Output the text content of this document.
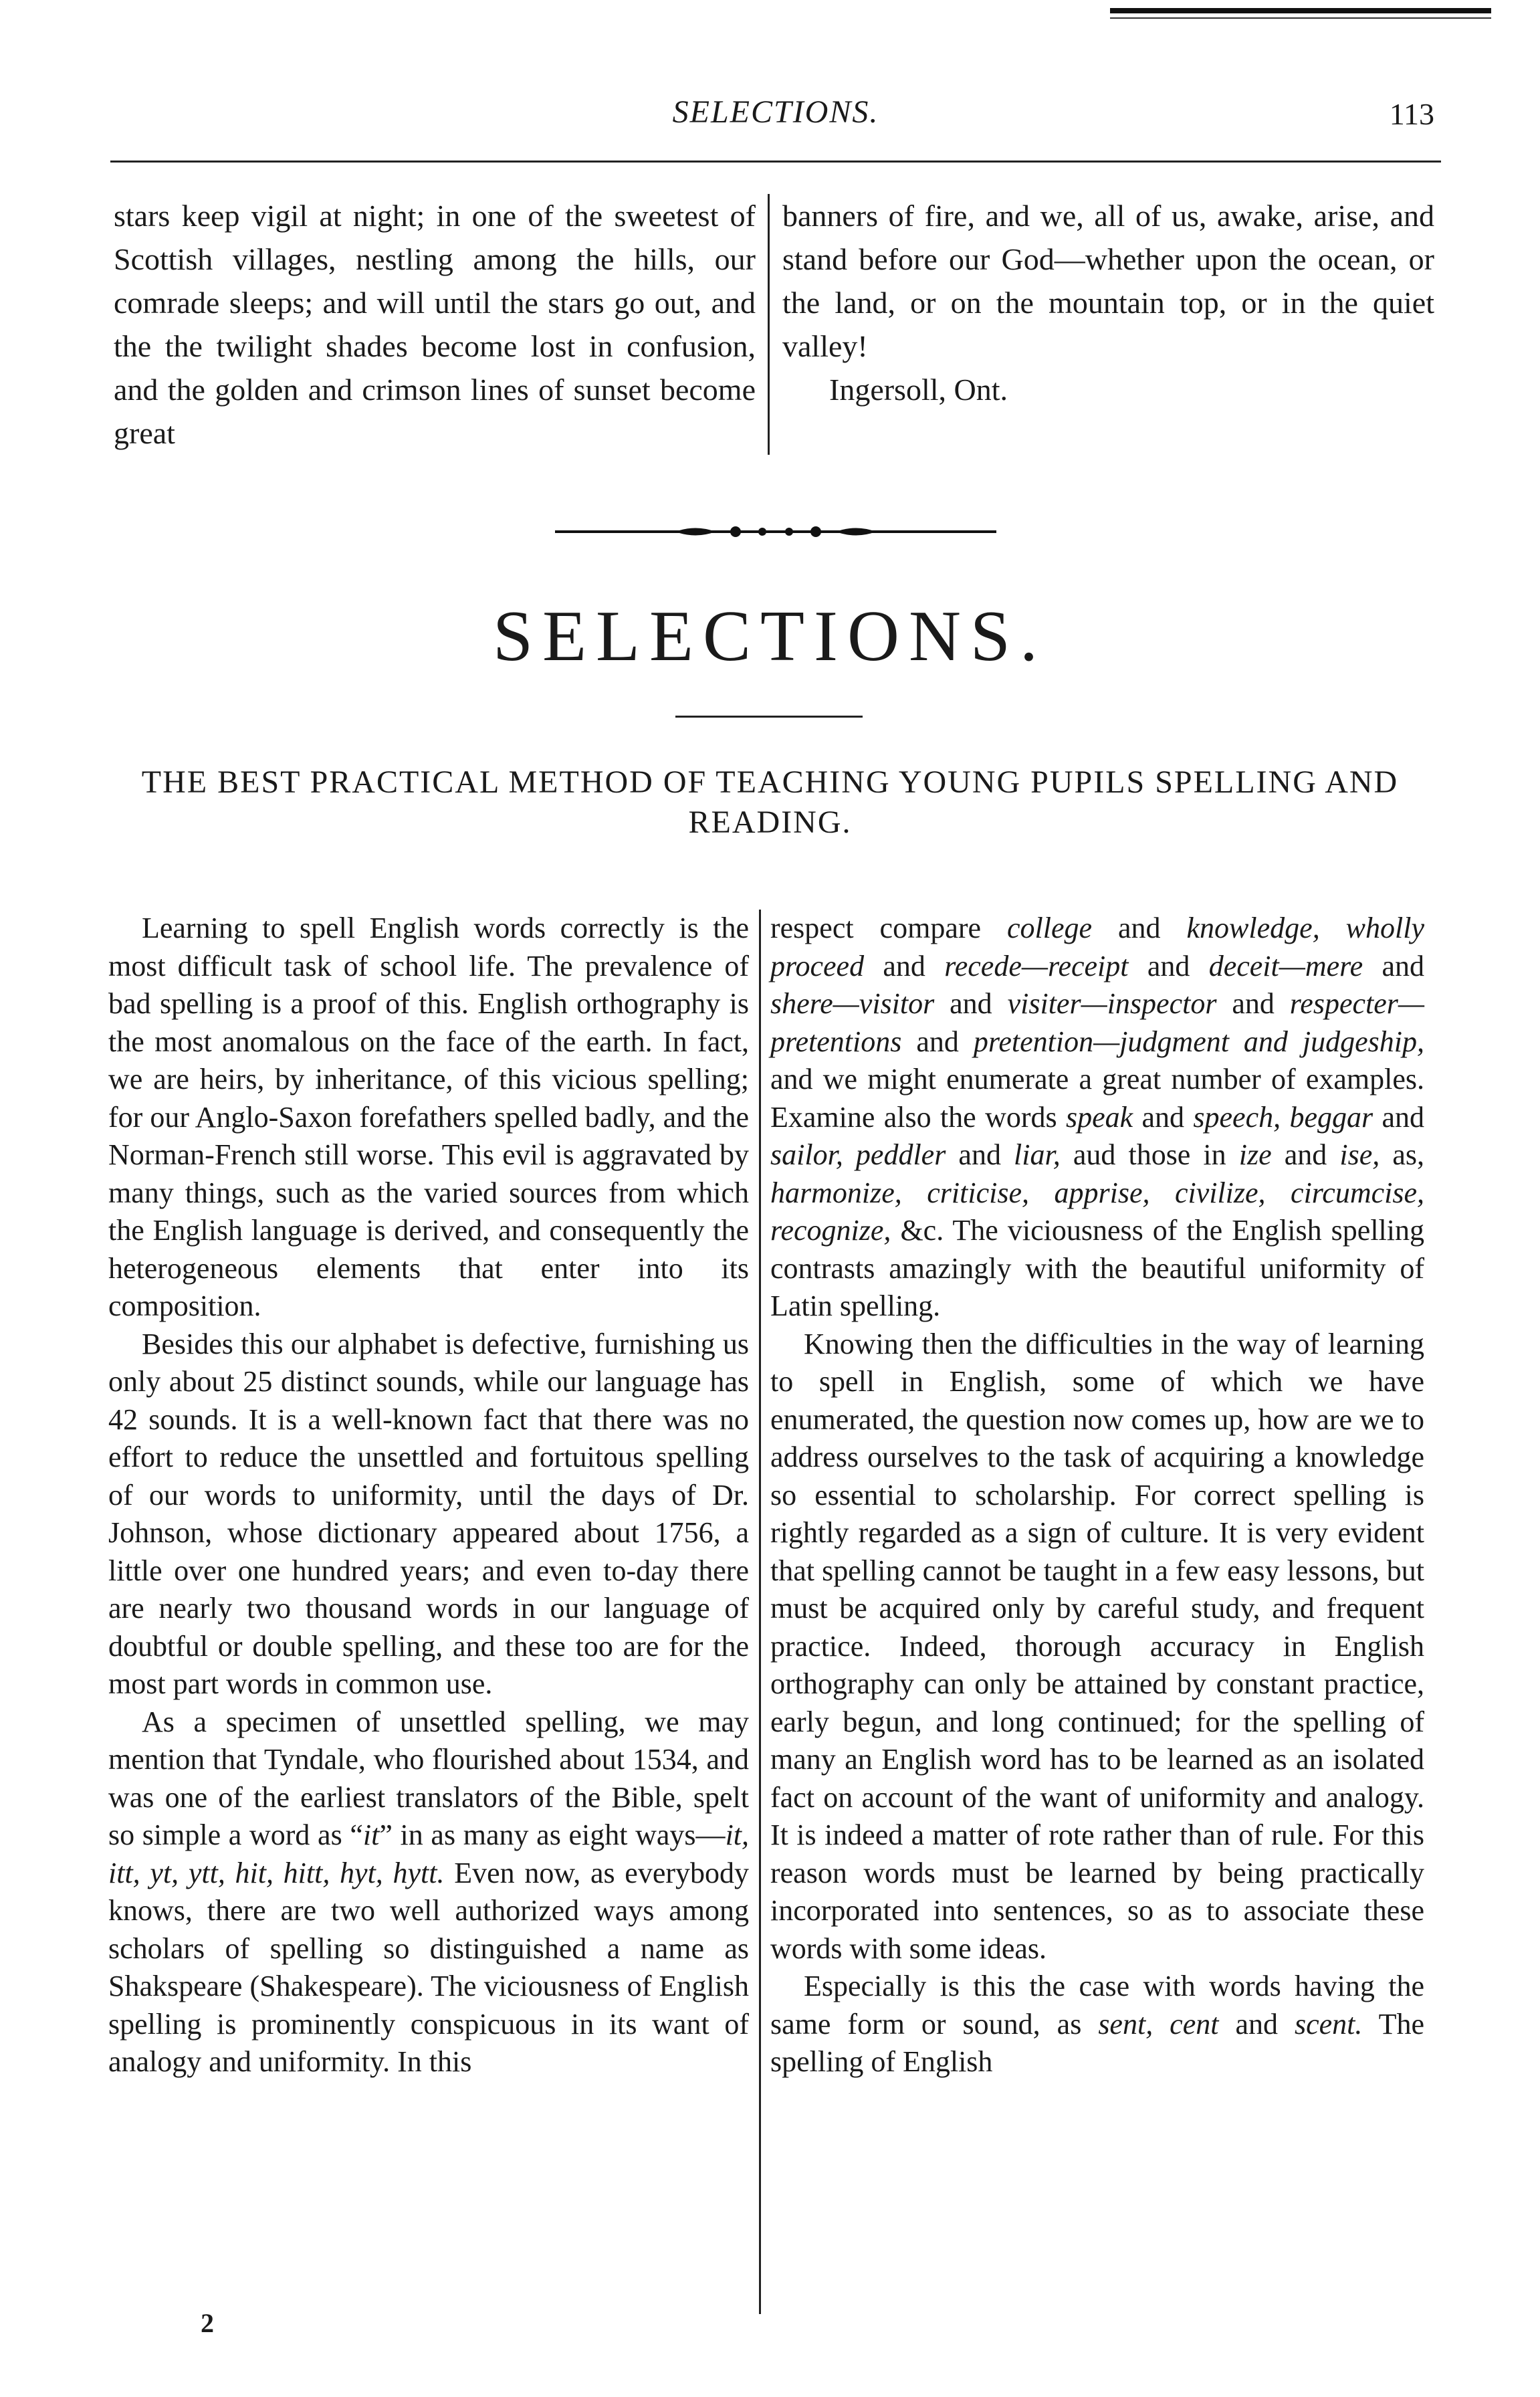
SELECTIONS.	113

stars keep vigil at night; in one of the sweetest of Scottish villages, nestling among the hills, our comrade sleeps; and will until the stars go out, and the the twilight shades become lost in confusion, and the golden and crimson lines of sunset become great

banners of fire, and we, all of us, awake, arise, and stand before our God—whether upon the ocean, or the land, or on the mountain top, or in the quiet valley!

Ingersoll, Ont.

SELECTIONS.
THE BEST PRACTICAL METHOD OF TEACHING YOUNG PUPILS SPELLING AND READING.

Learning to spell English words correctly is the most difficult task of school life. The prevalence of bad spelling is a proof of this. English orthography is the most anomalous on the face of the earth. In fact, we are heirs, by inheritance, of this vicious spelling; for our Anglo-Saxon forefathers spelled badly, and the Norman-French still worse. This evil is aggravated by many things, such as the varied sources from which the English language is derived, and consequently the heterogeneous elements that enter into its composition.

Besides this our alphabet is defective, furnishing us only about 25 distinct sounds, while our language has 42 sounds. It is a well-known fact that there was no effort to reduce the unsettled and fortuitous spelling of our words to uniformity, until the days of Dr. Johnson, whose dictionary appeared about 1756, a little over one hundred years; and even to-day there are nearly two thousand words in our language of doubtful or double spelling, and these too are for the most part words in common use.

As a specimen of unsettled spelling, we may mention that Tyndale, who flourished about 1534, and was one of the earliest translators of the Bible, spelt so simple a word as “it” in as many as eight ways—it, itt, yt, ytt, hit, hitt, hyt, hytt. Even now, as everybody knows, there are two well authorized ways among scholars of spelling so distinguished a name as Shakspeare (Shakespeare). The viciousness of English spelling is prominently conspicuous in its want of analogy and uniformity. In this

respect compare college and knowledge, wholly proceed and recede—receipt and deceit—mere and shere—visitor and visiter—inspector and respecter—pretentions and pretention—judgment and judgeship, and we might enumerate a great number of examples. Examine also the words speak and speech, beggar and sailor, peddler and liar, aud those in ize and ise, as, harmonize, criticise, apprise, civilize, circumcise, recognize, &c. The viciousness of the English spelling contrasts amazingly with the beautiful uniformity of Latin spelling.

Knowing then the difficulties in the way of learning to spell in English, some of which we have enumerated, the question now comes up, how are we to address ourselves to the task of acquiring a knowledge so essential to scholarship. For correct spelling is rightly regarded as a sign of culture. It is very evident that spelling cannot be taught in a few easy lessons, but must be acquired only by careful study, and frequent practice. Indeed, thorough accuracy in English orthography can only be attained by constant practice, early begun, and long continued; for the spelling of many an English word has to be learned as an isolated fact on account of the want of uniformity and analogy. It is indeed a matter of rote rather than of rule. For this reason words must be learned by being practically incorporated into sentences, so as to associate these words with some ideas.

Especially is this the case with words having the same form or sound, as sent, cent and scent. The spelling of English

2
